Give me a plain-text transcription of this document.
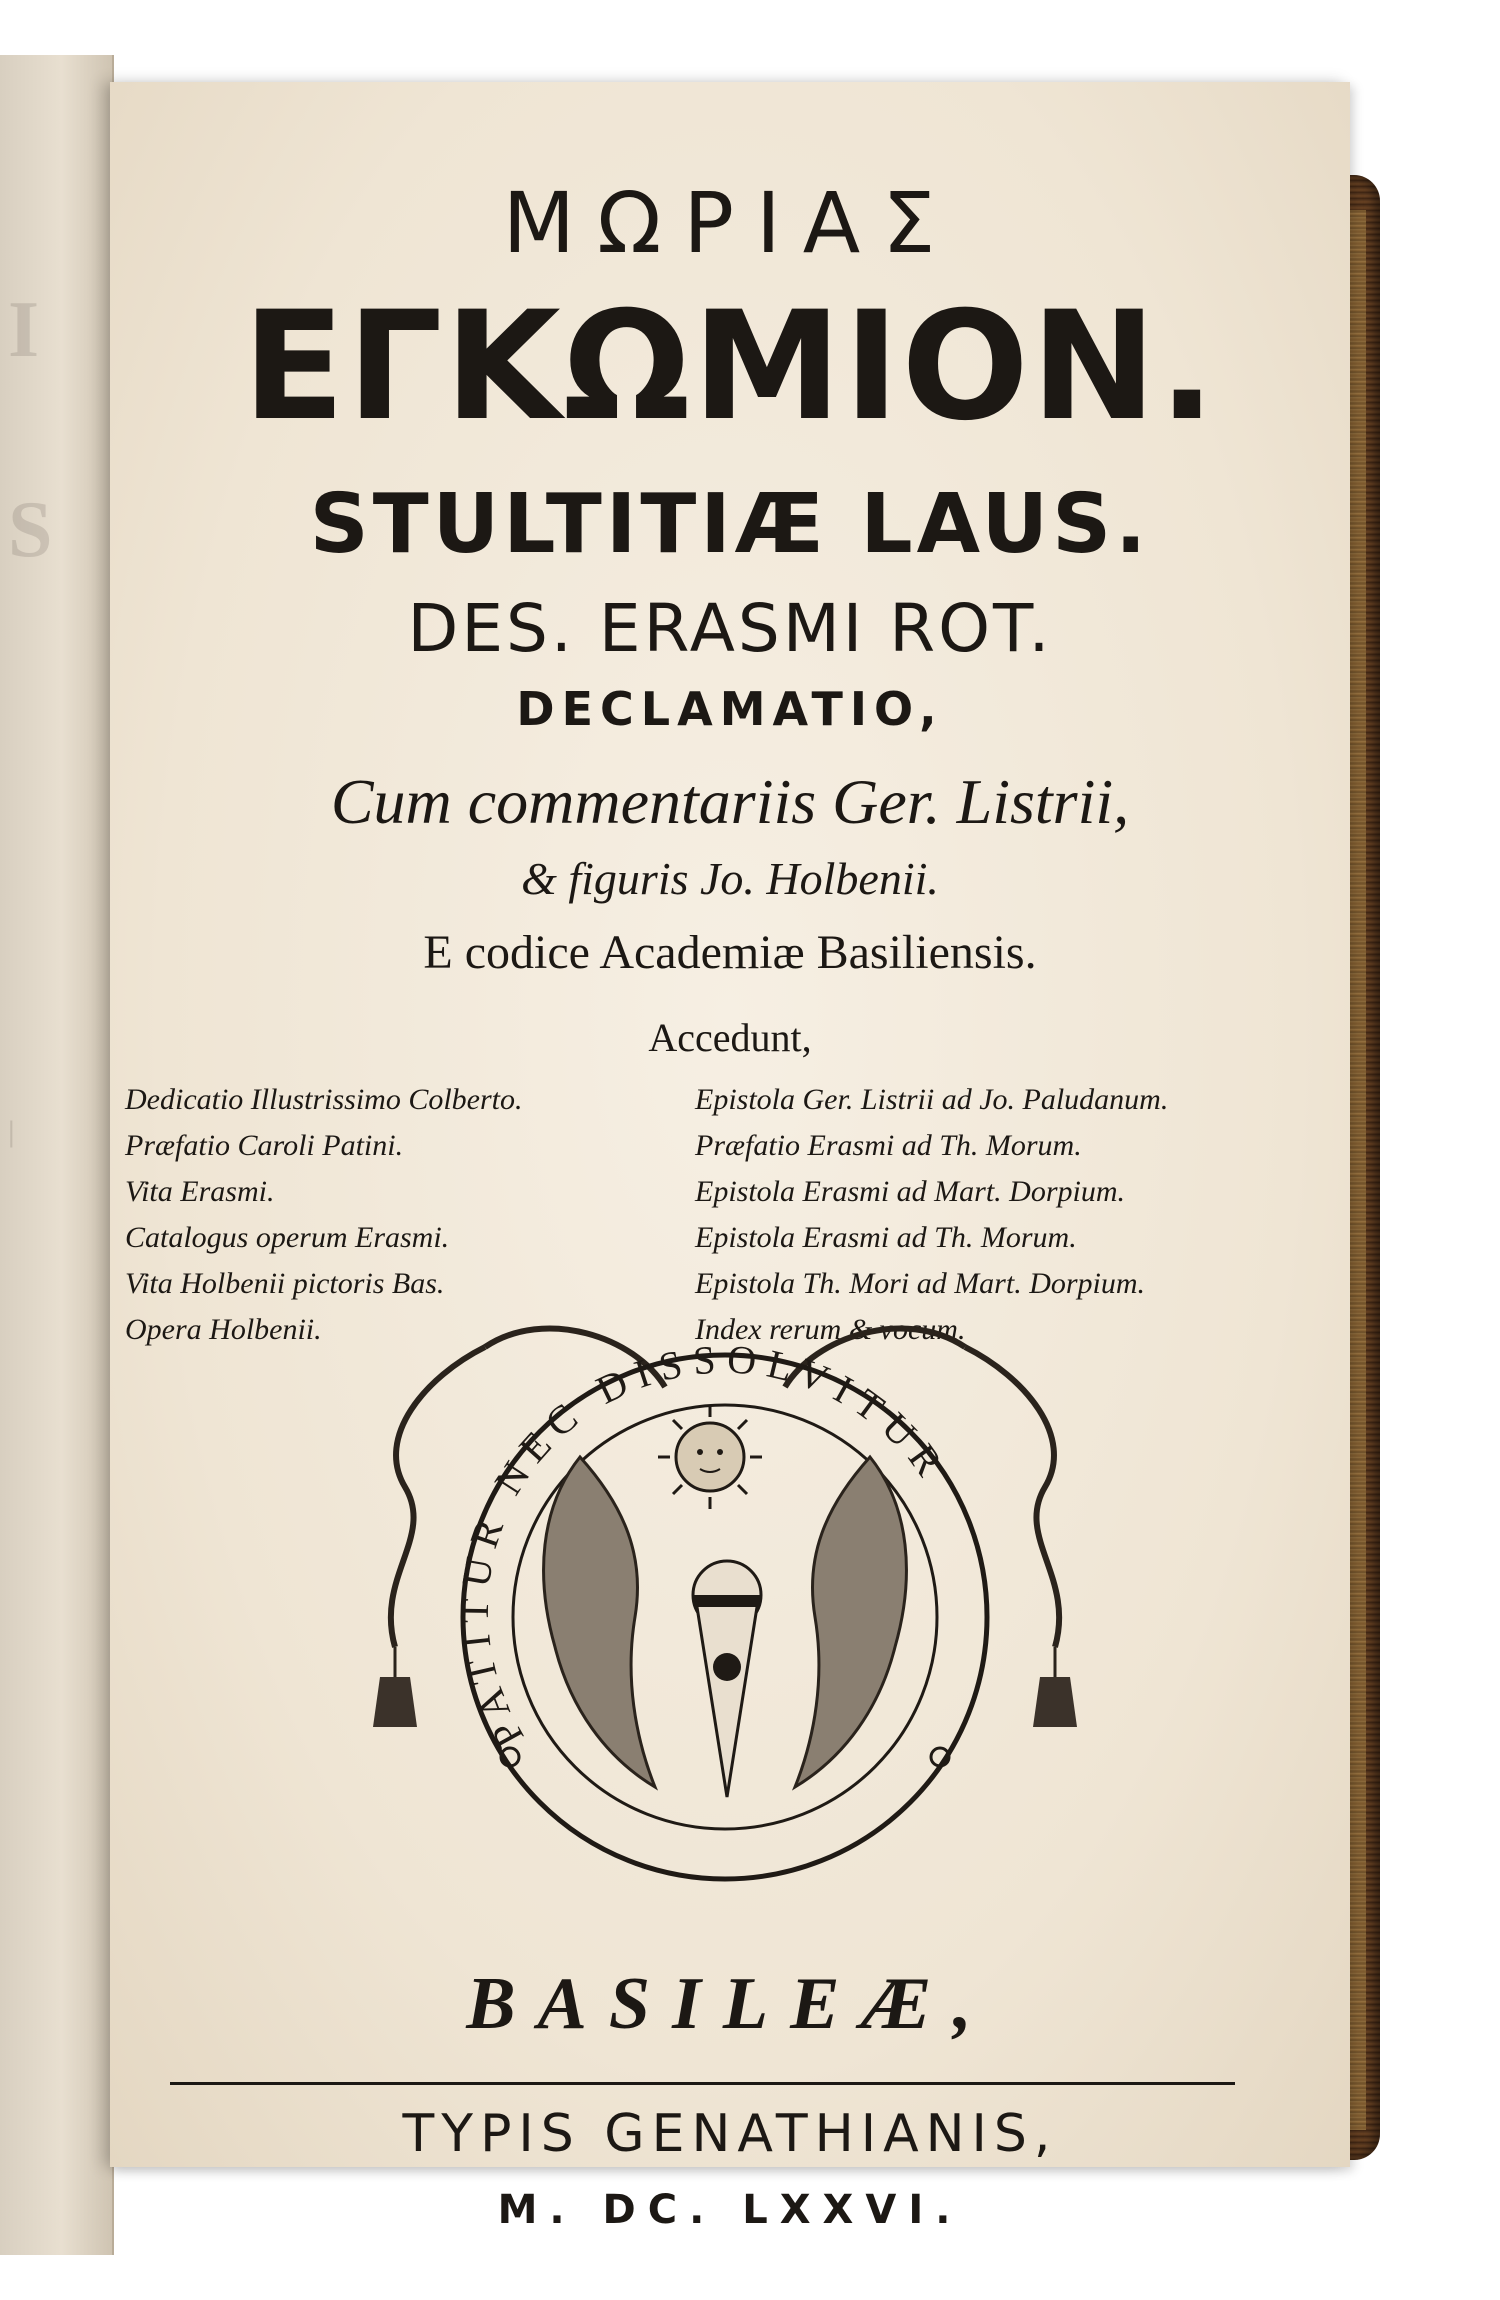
I
S
|
ΜΩΡΙΑΣ
ΕΓΚΩΜΙΟΝ.
STULTITIÆ LAUS.
DES. ERASMI ROT.
DECLAMATIO,
Cum commentariis Ger. Listrii,
& figuris Jo. Holbenii.
E codice Academiæ Basiliensis.
Accedunt,
Dedicatio Illustrissimo Colberto.
Præfatio Caroli Patini.
Vita Erasmi.
Catalogus operum Erasmi.
Vita Holbenii pictoris Bas.
Opera Holbenii.
Epistola Ger. Listrii ad Jo. Paludanum.
Præfatio Erasmi ad Th. Morum.
Epistola Erasmi ad Mart. Dorpium.
Epistola Erasmi ad Th. Morum.
Epistola Th. Mori ad Mart. Dorpium.
Index rerum & vocum.
PATITUR NEC DISSOLVITUR
BASILEÆ,
TYPIS GENATHIANIS,
M. DC. LXXVI.
